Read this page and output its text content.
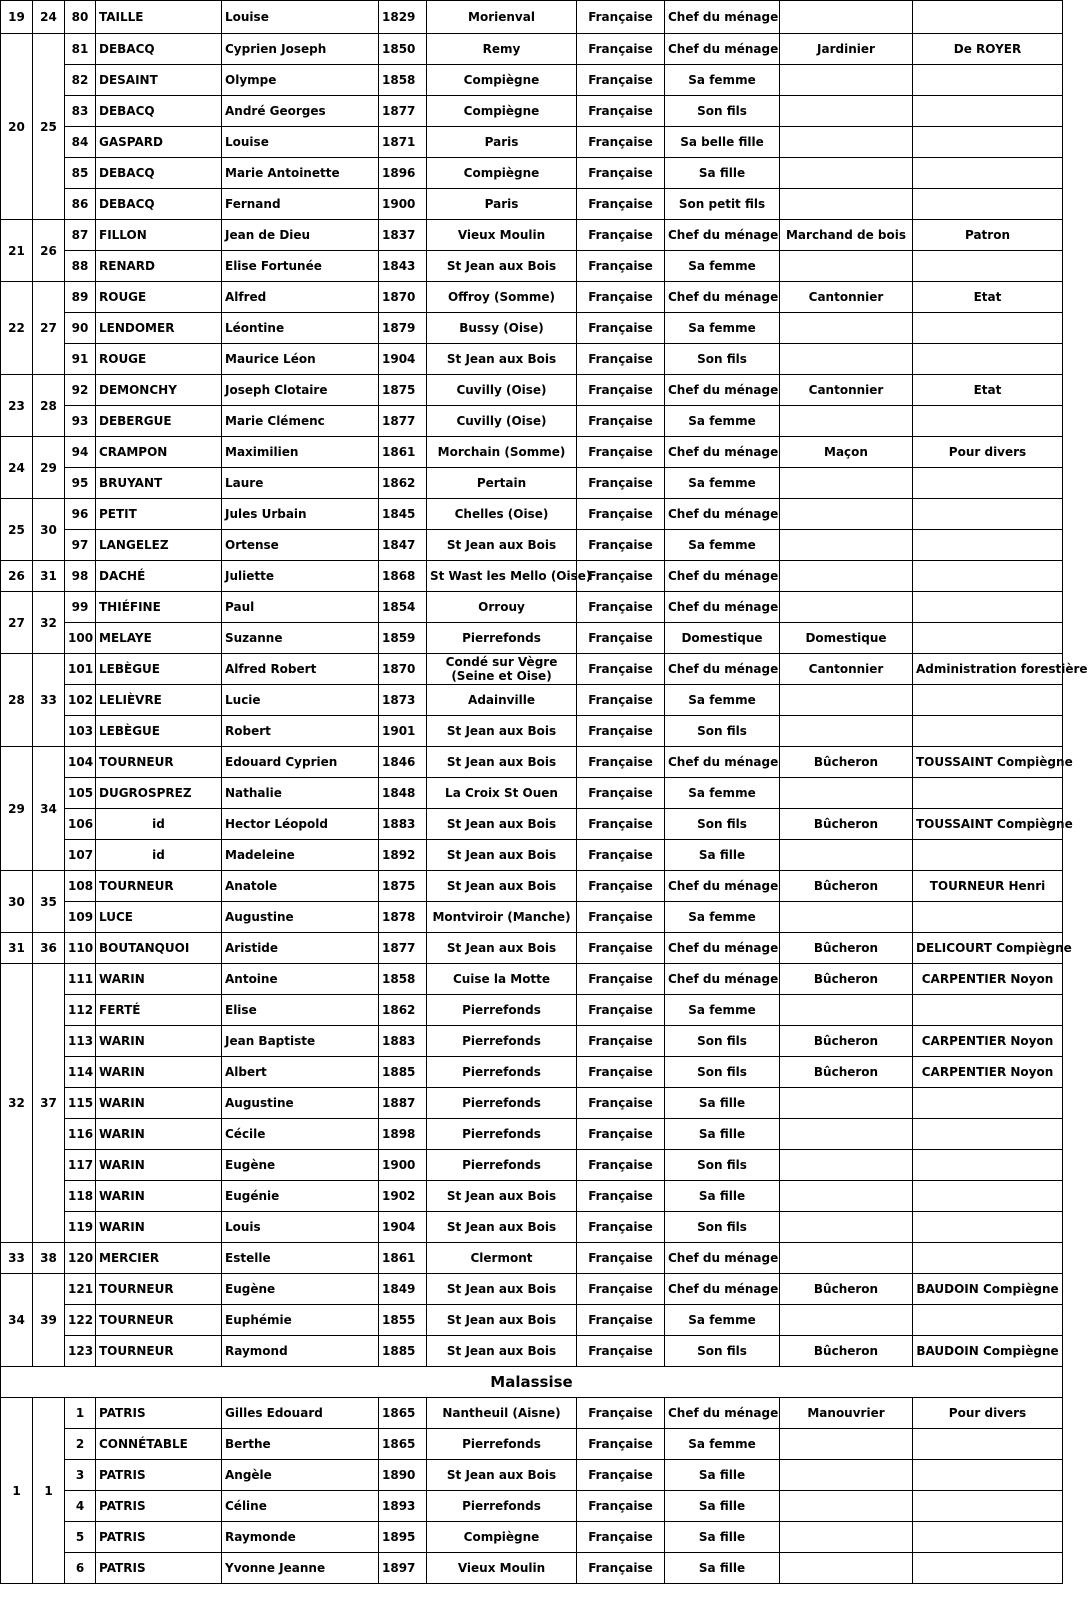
19	24	80	TAILLE	Louise	1829	Morienval	Française	Chef du ménage		
20	25	81	DEBACQ	Cyprien Joseph	1850	Remy	Française	Chef du ménage	Jardinier	De ROYER
		82	DESAINT	Olympe	1858	Compiègne	Française	Sa femme		
		83	DEBACQ	André Georges	1877	Compiègne	Française	Son fils		
		84	GASPARD	Louise	1871	Paris	Française	Sa belle fille		
		85	DEBACQ	Marie Antoinette	1896	Compiègne	Française	Sa fille		
		86	DEBACQ	Fernand	1900	Paris	Française	Son petit fils		
21	26	87	FILLON	Jean de Dieu	1837	Vieux Moulin	Française	Chef du ménage	Marchand de bois	Patron
		88	RENARD	Elise Fortunée	1843	St Jean aux Bois	Française	Sa femme		
22	27	89	ROUGE	Alfred	1870	Offroy (Somme)	Française	Chef du ménage	Cantonnier	Etat
		90	LENDOMER	Léontine	1879	Bussy (Oise)	Française	Sa femme		
		91	ROUGE	Maurice Léon	1904	St Jean aux Bois	Française	Son fils		
23	28	92	DEMONCHY	Joseph Clotaire	1875	Cuvilly (Oise)	Française	Chef du ménage	Cantonnier	Etat
		93	DEBERGUE	Marie Clémenc	1877	Cuvilly (Oise)	Française	Sa femme		
24	29	94	CRAMPON	Maximilien	1861	Morchain (Somme)	Française	Chef du ménage	Maçon	Pour divers
		95	BRUYANT	Laure	1862	Pertain	Française	Sa femme		
25	30	96	PETIT	Jules Urbain	1845	Chelles (Oise)	Française	Chef du ménage		
		97	LANGELEZ	Ortense	1847	St Jean aux Bois	Française	Sa femme		
26	31	98	DACHÉ	Juliette	1868	St Wast les Mello (Oise)	Française	Chef du ménage		
27	32	99	THIÉFINE	Paul	1854	Orrouy	Française	Chef du ménage		
		100	MELAYE	Suzanne	1859	Pierrefonds	Française	Domestique	Domestique	
28	33	101	LEBÈGUE	Alfred Robert	1870	Condé sur Vègre (Seine et Oise)	Française	Chef du ménage	Cantonnier	Administration forestière
		102	LELIÈVRE	Lucie	1873	Adainville	Française	Sa femme		
		103	LEBÈGUE	Robert	1901	St Jean aux Bois	Française	Son fils		
29	34	104	TOURNEUR	Edouard Cyprien	1846	St Jean aux Bois	Française	Chef du ménage	Bûcheron	TOUSSAINT Compiègne
		105	DUGROSPREZ	Nathalie	1848	La Croix St Ouen	Française	Sa femme		
		106	id	Hector Léopold	1883	St Jean aux Bois	Française	Son fils	Bûcheron	TOUSSAINT Compiègne
		107	id	Madeleine	1892	St Jean aux Bois	Française	Sa fille		
30	35	108	TOURNEUR	Anatole	1875	St Jean aux Bois	Française	Chef du ménage	Bûcheron	TOURNEUR Henri
		109	LUCE	Augustine	1878	Montviroir (Manche)	Française	Sa femme		
31	36	110	BOUTANQUOI	Aristide	1877	St Jean aux Bois	Française	Chef du ménage	Bûcheron	DELICOURT Compiègne
32	37	111	WARIN	Antoine	1858	Cuise la Motte	Française	Chef du ménage	Bûcheron	CARPENTIER Noyon
		112	FERTÉ	Elise	1862	Pierrefonds	Française	Sa femme		
		113	WARIN	Jean Baptiste	1883	Pierrefonds	Française	Son fils	Bûcheron	CARPENTIER Noyon
		114	WARIN	Albert	1885	Pierrefonds	Française	Son fils	Bûcheron	CARPENTIER Noyon
		115	WARIN	Augustine	1887	Pierrefonds	Française	Sa fille		
		116	WARIN	Cécile	1898	Pierrefonds	Française	Sa fille		
		117	WARIN	Eugène	1900	Pierrefonds	Française	Son fils		
		118	WARIN	Eugénie	1902	St Jean aux Bois	Française	Sa fille		
		119	WARIN	Louis	1904	St Jean aux Bois	Française	Son fils		
33	38	120	MERCIER	Estelle	1861	Clermont	Française	Chef du ménage		
34	39	121	TOURNEUR	Eugène	1849	St Jean aux Bois	Française	Chef du ménage	Bûcheron	BAUDOIN Compiègne
		122	TOURNEUR	Euphémie	1855	St Jean aux Bois	Française	Sa femme		
		123	TOURNEUR	Raymond	1885	St Jean aux Bois	Française	Son fils	Bûcheron	BAUDOIN Compiègne
Malassise										
1	1	1	PATRIS	Gilles Edouard	1865	Nantheuil (Aisne)	Française	Chef du ménage	Manouvrier	Pour divers
		2	CONNÉTABLE	Berthe	1865	Pierrefonds	Française	Sa femme		
		3	PATRIS	Angèle	1890	St Jean aux Bois	Française	Sa fille		
		4	PATRIS	Céline	1893	Pierrefonds	Française	Sa fille		
		5	PATRIS	Raymonde	1895	Compiègne	Française	Sa fille		
		6	PATRIS	Yvonne Jeanne	1897	Vieux Moulin	Française	Sa fille		
